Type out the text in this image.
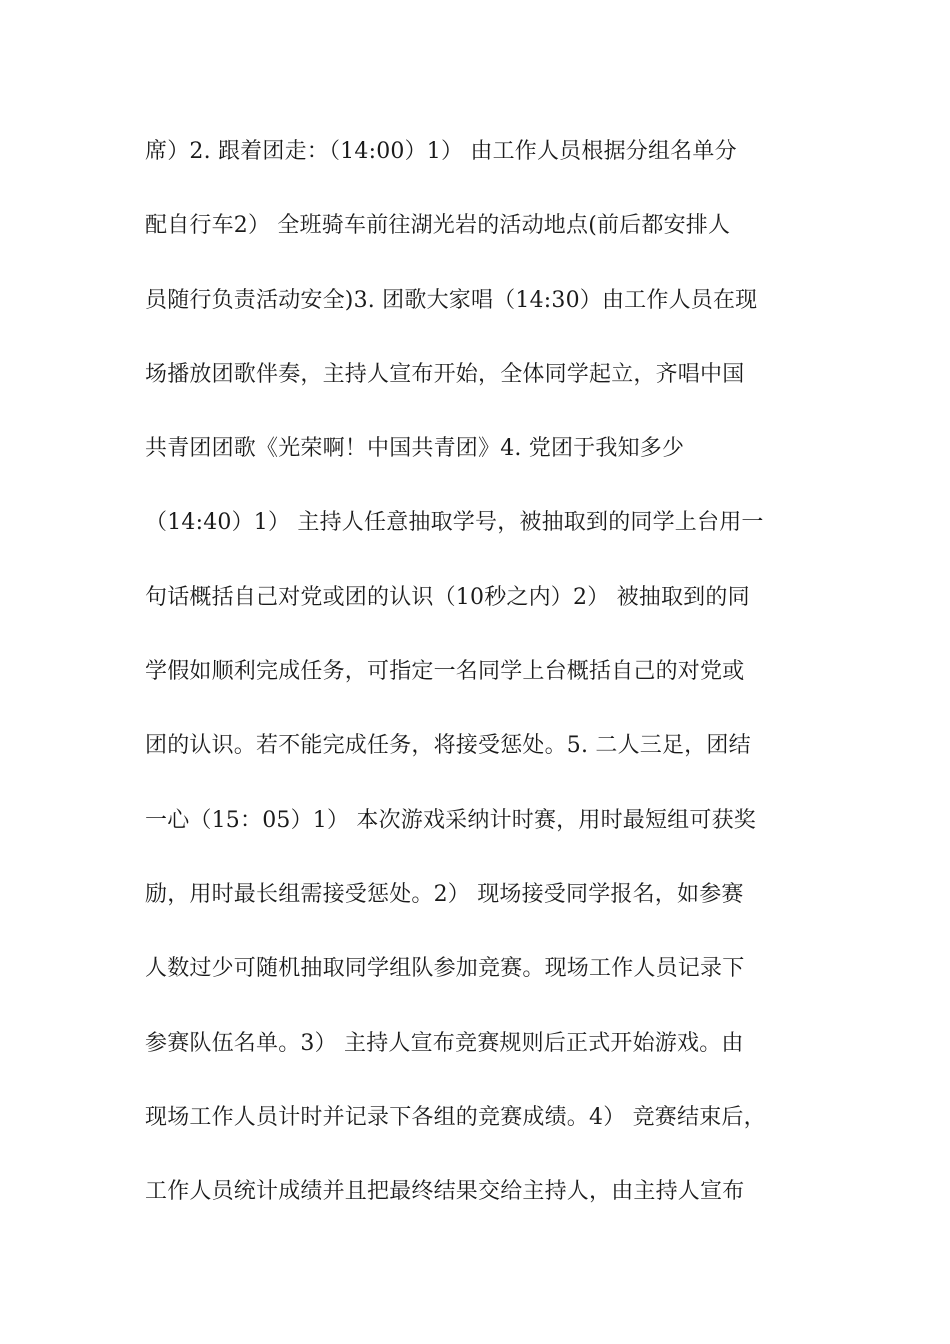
席）2. 跟着团走：（14:00）1） 由工作人员根据分组名单分
配自行车2） 全班骑车前往湖光岩的活动地点(前后都安排人
员随行负责活动安全)3. 团歌大家唱（14:30）由工作人员在现
场播放团歌伴奏，主持人宣布开始，全体同学起立，齐唱中国
共青团团歌《光荣啊！中国共青团》4. 党团于我知多少
（14:40）1） 主持人任意抽取学号，被抽取到的同学上台用一
句话概括自己对党或团的认识（10秒之内）2） 被抽取到的同
学假如顺利完成任务，可指定一名同学上台概括自己的对党或
团的认识。若不能完成任务，将接受惩处。5. 二人三足，团结
一心（15：05）1） 本次游戏采纳计时赛，用时最短组可获奖
励，用时最长组需接受惩处。2） 现场接受同学报名，如参赛
人数过少可随机抽取同学组队参加竞赛。现场工作人员记录下
参赛队伍名单。3） 主持人宣布竞赛规则后正式开始游戏。由
现场工作人员计时并记录下各组的竞赛成绩。4） 竞赛结束后，
工作人员统计成绩并且把最终结果交给主持人，由主持人宣布
